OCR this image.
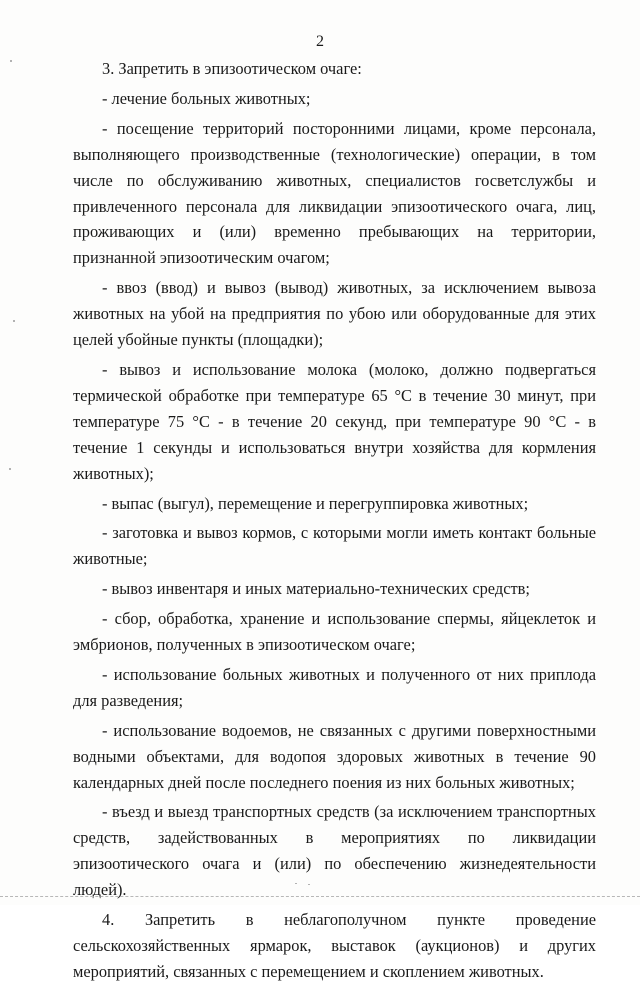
2

3. Запретить в эпизоотическом очаге:

- лечение больных животных;

- посещение территорий посторонними лицами, кроме персонала, выполняющего производственные (технологические) операции, в том числе по обслуживанию животных, специалистов госветслужбы и привлеченного персонала для ликвидации эпизоотического очага, лиц, проживающих и (или) временно пребывающих на территории, признанной эпизоотическим очагом;

- ввоз (ввод) и вывоз (вывод) животных, за исключением вывоза животных на убой на предприятия по убою или оборудованные для этих целей убойные пункты (площадки);

- вывоз и использование молока (молоко, должно подвергаться термической обработке при температуре 65 °С в течение 30 минут, при температуре 75 °С - в течение 20 секунд, при температуре 90 °С - в течение 1 секунды и использоваться внутри хозяйства для кормления животных);

- выпас (выгул), перемещение и перегруппировка животных;

- заготовка и вывоз кормов, с которыми могли иметь контакт больные животные;

- вывоз инвентаря и иных материально-технических средств;

- сбор, обработка, хранение и использование спермы, яйцеклеток и эмбрионов, полученных в эпизоотическом очаге;

- использование больных животных и полученного от них приплода для разведения;

- использование водоемов, не связанных с другими поверхностными водными объектами, для водопоя здоровых животных в течение 90 календарных дней после последнего поения из них больных животных;

- въезд и выезд транспортных средств (за исключением транспортных средств, задействованных в мероприятиях по ликвидации эпизоотического очага и (или) по обеспечению жизнедеятельности людей).

4. Запретить в неблагополучном пункте проведение сельскохозяйственных ярмарок, выставок (аукционов) и других мероприятий, связанных с перемещением и скоплением животных.
